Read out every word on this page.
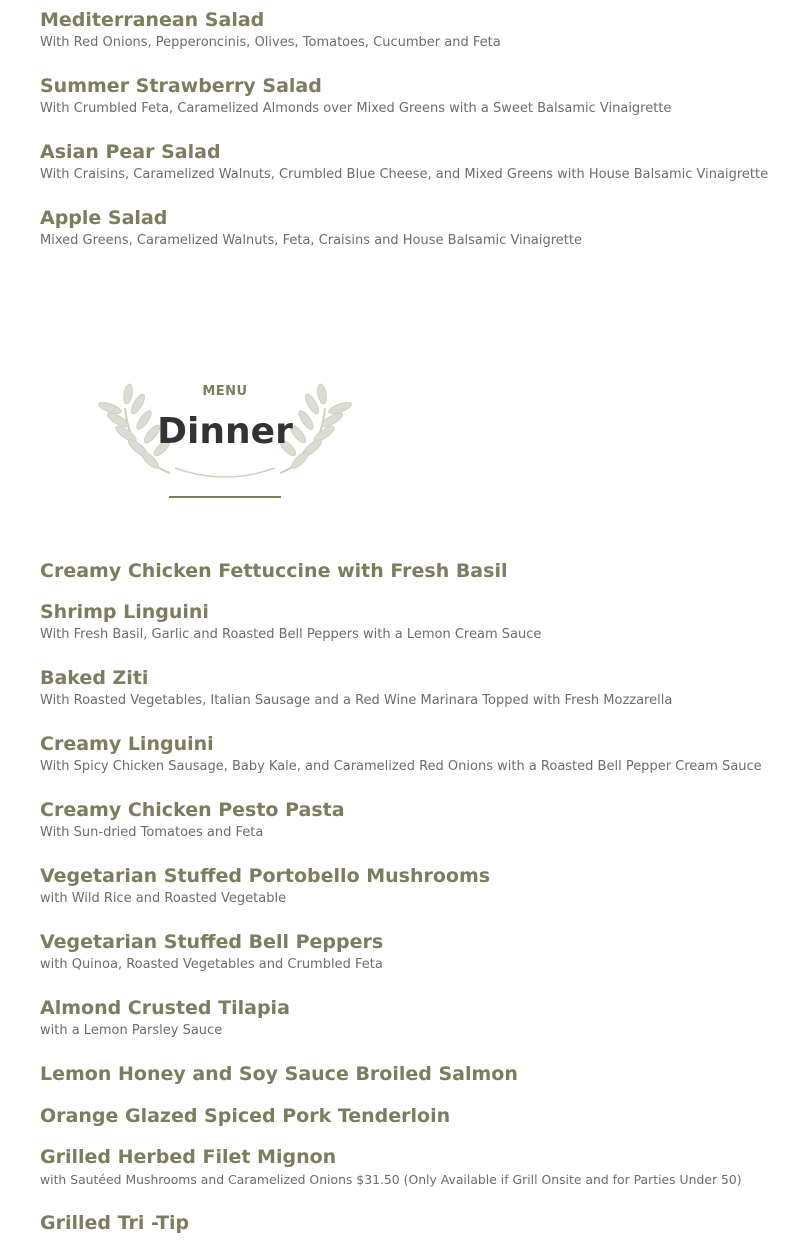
Mediterranean Salad
With Red Onions, Pepperoncinis, Olives, Tomatoes, Cucumber and Feta
Summer Strawberry Salad
With Crumbled Feta, Caramelized Almonds over Mixed Greens with a Sweet Balsamic Vinaigrette
Asian Pear Salad
With Craisins, Caramelized Walnuts, Crumbled Blue Cheese, and Mixed Greens with House Balsamic Vinaigrette
Apple Salad
Mixed Greens, Caramelized Walnuts, Feta, Craisins and House Balsamic Vinaigrette
MENU
Dinner
Creamy Chicken Fettuccine with Fresh Basil
Shrimp Linguini
With Fresh Basil, Garlic and Roasted Bell Peppers with a Lemon Cream Sauce
Baked Ziti
With Roasted Vegetables, Italian Sausage and a Red Wine Marinara Topped with Fresh Mozzarella
Creamy Linguini
With Spicy Chicken Sausage, Baby Kale, and Caramelized Red Onions with a Roasted Bell Pepper Cream Sauce
Creamy Chicken Pesto Pasta
With Sun-dried Tomatoes and Feta
Vegetarian Stuffed Portobello Mushrooms
with Wild Rice and Roasted Vegetable
Vegetarian Stuffed Bell Peppers
with Quinoa, Roasted Vegetables and Crumbled Feta
Almond Crusted Tilapia
with a Lemon Parsley Sauce
Lemon Honey and Soy Sauce Broiled Salmon
Orange Glazed Spiced Pork Tenderloin
Grilled Herbed Filet Mignon
with Sautéed Mushrooms and Caramelized Onions $31.50 (Only Available if Grill Onsite and for Parties Under 50)
Grilled Tri -Tip
